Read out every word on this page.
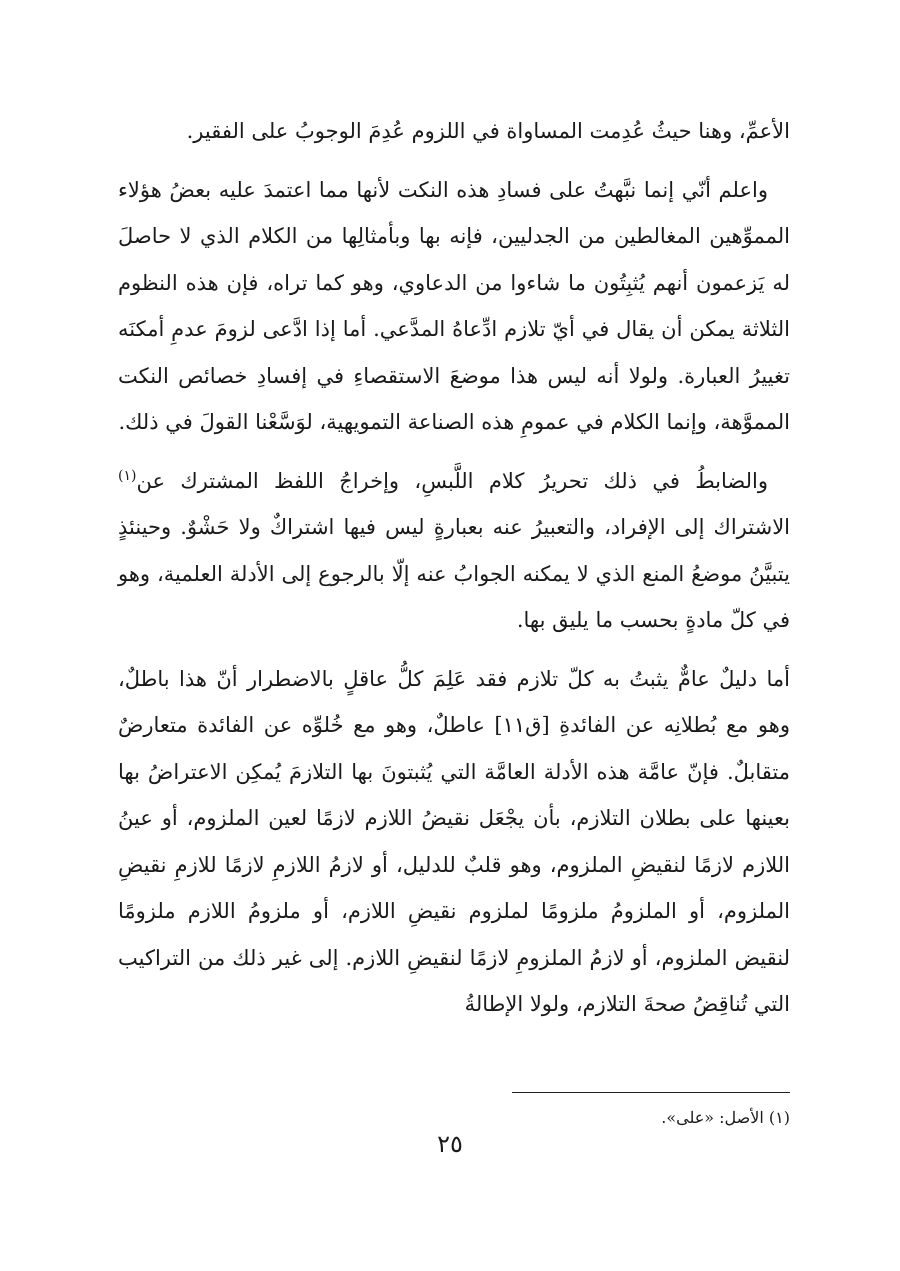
الأعمِّ، وهنا حيثُ عُدِمت المساواة في اللزوم عُدِمَ الوجوبُ على الفقير.

واعلم أنّي إنما نبَّهتُ على فسادِ هذه النكت لأنها مما اعتمدَ عليه بعضُ هؤلاء المموِّهين المغالطين من الجدليين، فإنه بها وبأمثالِها من الكلام الذي لا حاصلَ له يَزعمون أنهم يُثبِتُون ما شاءوا من الدعاوي، وهو كما تراه، فإن هذه النظوم الثلاثة يمكن أن يقال في أيّ تلازم ادِّعاهُ المدَّعي. أما إذا ادَّعى لزومَ عدمِ أمكنَه تغييرُ العبارة. ولولا أنه ليس هذا موضعَ الاستقصاءِ في إفسادِ خصائص النكت المموَّهة، وإنما الكلام في عمومِ هذه الصناعة التمويهية، لوَسَّعْنا القولَ في ذلك.

والضابطُ في ذلك تحريرُ كلام اللَّبسِ، وإخراجُ اللفظ المشترك عن$^{(١)}$ الاشتراك إلى الإفراد، والتعبيرُ عنه بعبارةٍ ليس فيها اشتراكٌ ولا حَشْوٌ. وحينئذٍ يتبيَّنُ موضعُ المنع الذي لا يمكنه الجوابُ عنه إلّا بالرجوع إلى الأدلة العلمية، وهو في كلّ مادةٍ بحسب ما يليق بها.

أما دليلٌ عامٌّ يثبتُ به كلّ تلازم فقد عَلِمَ كلُّ عاقلٍ بالاضطرار أنّ هذا باطلٌ، وهو مع بُطلانِه عن الفائدةِ [ق١١] عاطلٌ، وهو مع خُلوِّه عن الفائدة متعارضٌ متقابلٌ. فإنّ عامَّة هذه الأدلة العامَّة التي يُثبتونَ بها التلازمَ يُمكِن الاعتراضُ بها بعينها على بطلان التلازم، بأن يجْعَل نقيضُ اللازم لازمًا لعين الملزوم، أو عينُ اللازم لازمًا لنقيضِ الملزوم، وهو قلبٌ للدليل، أو لازمُ اللازمِ لازمًا للازمِ نقيضِ الملزوم، أو الملزومُ ملزومًا لملزوم نقيضِ اللازم، أو ملزومُ اللازم ملزومًا لنقيض الملزوم، أو لازمُ الملزومِ لازمًا لنقيضِ اللازم. إلى غير ذلك من التراكيب التي تُناقِضُ صحةَ التلازم، ولولا الإطالةُ

(١) الأصل: «على».
٢٥
